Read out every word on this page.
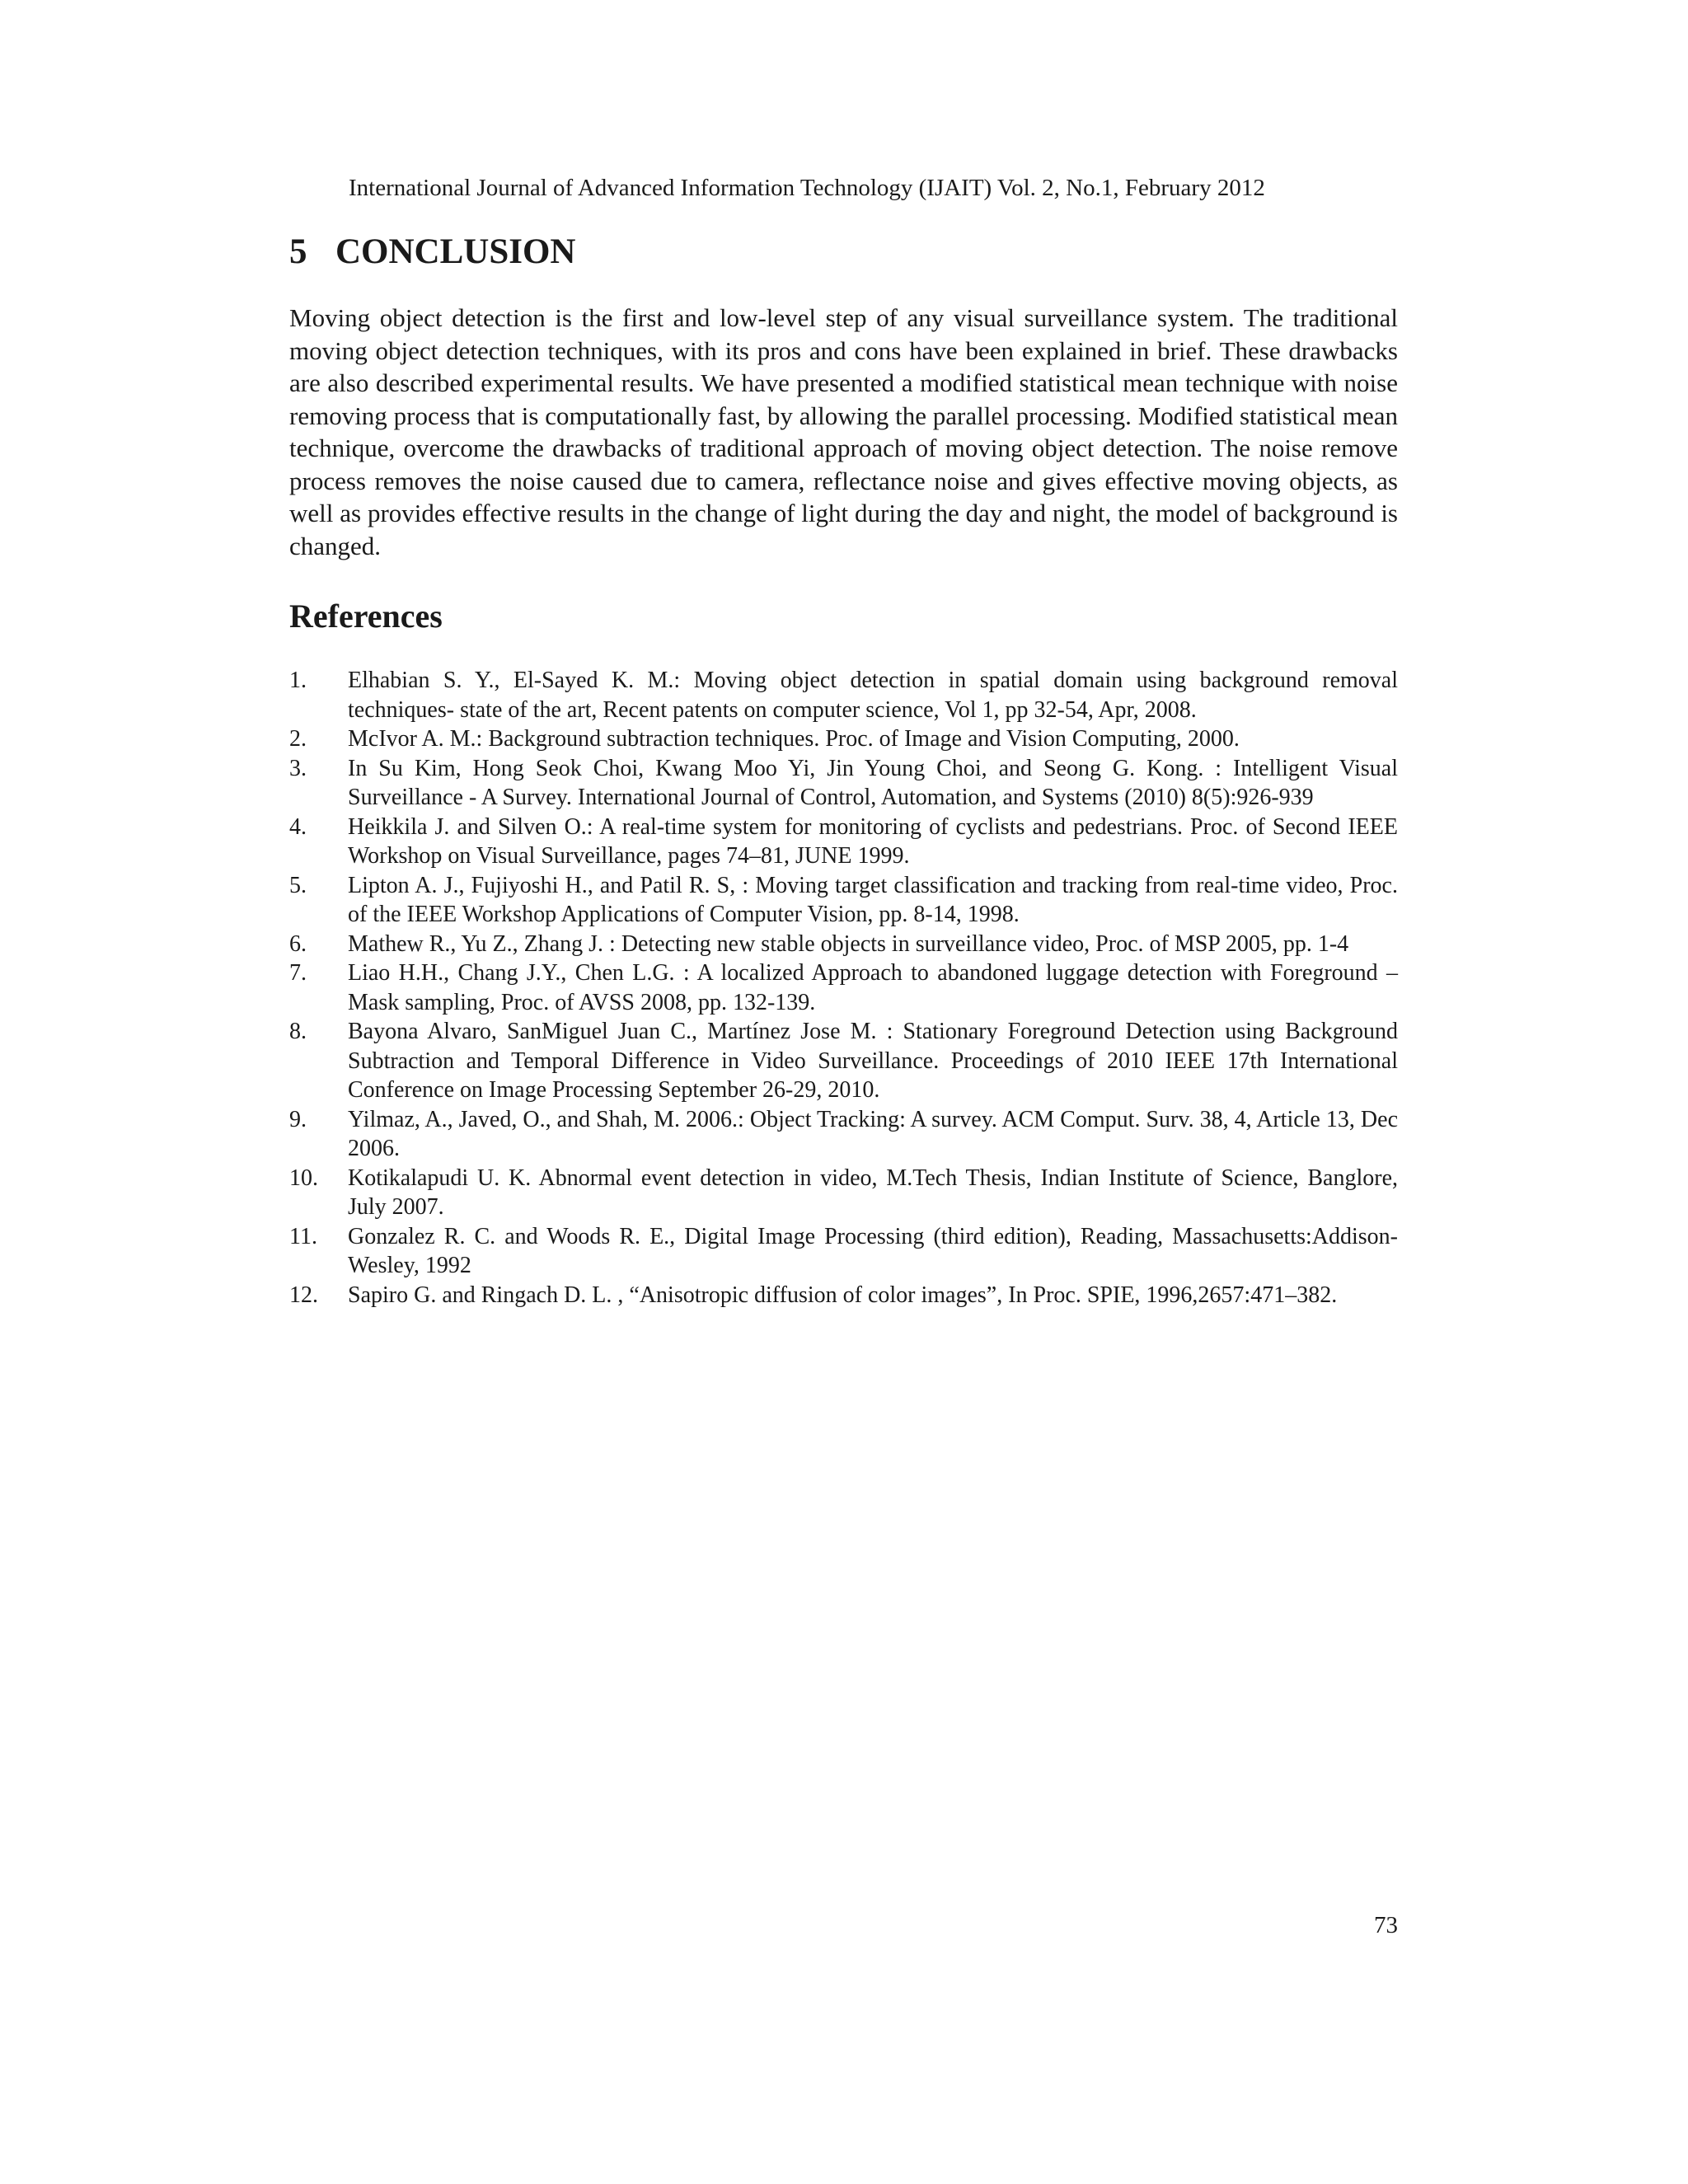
International Journal of Advanced Information Technology (IJAIT) Vol. 2, No.1, February 2012
5 CONCLUSION

Moving object detection is the first and low-level step of any visual surveillance system. The traditional moving object detection techniques, with its pros and cons have been explained in brief. These drawbacks are also described experimental results. We have presented a modified statistical mean technique with noise removing process that is computationally fast, by allowing the parallel processing. Modified statistical mean technique, overcome the drawbacks of traditional approach of moving object detection. The noise remove process removes the noise caused due to camera, reflectance noise and gives effective moving objects, as well as provides effective results in the change of light during the day and night, the model of background is changed.

References
1.	Elhabian S. Y., El-Sayed K. M.: Moving object detection in spatial domain using background removal techniques- state of the art, Recent patents on computer science, Vol 1, pp 32-54, Apr, 2008.
2.	McIvor A. M.: Background subtraction techniques. Proc. of Image and Vision Computing, 2000.
3.	In Su Kim, Hong Seok Choi, Kwang Moo Yi, Jin Young Choi, and Seong G. Kong. : Intelligent Visual Surveillance - A Survey. International Journal of Control, Automation, and Systems (2010) 8(5):926-939
4.	Heikkila J. and Silven O.: A real-time system for monitoring of cyclists and pedestrians. Proc. of Second IEEE Workshop on Visual Surveillance, pages 74–81, JUNE 1999.
5.	Lipton A. J., Fujiyoshi H., and Patil R. S, : Moving target classification and tracking from real-time video, Proc. of the IEEE Workshop Applications of Computer Vision, pp. 8-14, 1998.
6.	Mathew R., Yu Z., Zhang J. : Detecting new stable objects in surveillance video, Proc. of MSP 2005, pp. 1-4
7.	Liao H.H., Chang J.Y., Chen L.G. : A localized Approach to abandoned luggage detection with Foreground –Mask sampling, Proc. of AVSS 2008, pp. 132-139.
8.	Bayona Alvaro, SanMiguel Juan C., Martínez Jose M. : Stationary Foreground Detection using Background Subtraction and Temporal Difference in Video Surveillance. Proceedings of 2010 IEEE 17th International Conference on Image Processing September 26-29, 2010.
9.	Yilmaz, A., Javed, O., and Shah, M. 2006.: Object Tracking: A survey. ACM Comput. Surv. 38, 4, Article 13, Dec 2006.
10.	Kotikalapudi U. K. Abnormal event detection in video, M.Tech Thesis, Indian Institute of Science, Banglore, July 2007.
11.	Gonzalez R. C. and Woods R. E., Digital Image Processing (third edition), Reading, Massachusetts:Addison-Wesley, 1992
12.	Sapiro G. and Ringach D. L. , “Anisotropic diffusion of color images”, In Proc. SPIE, 1996,2657:471–382.
73
